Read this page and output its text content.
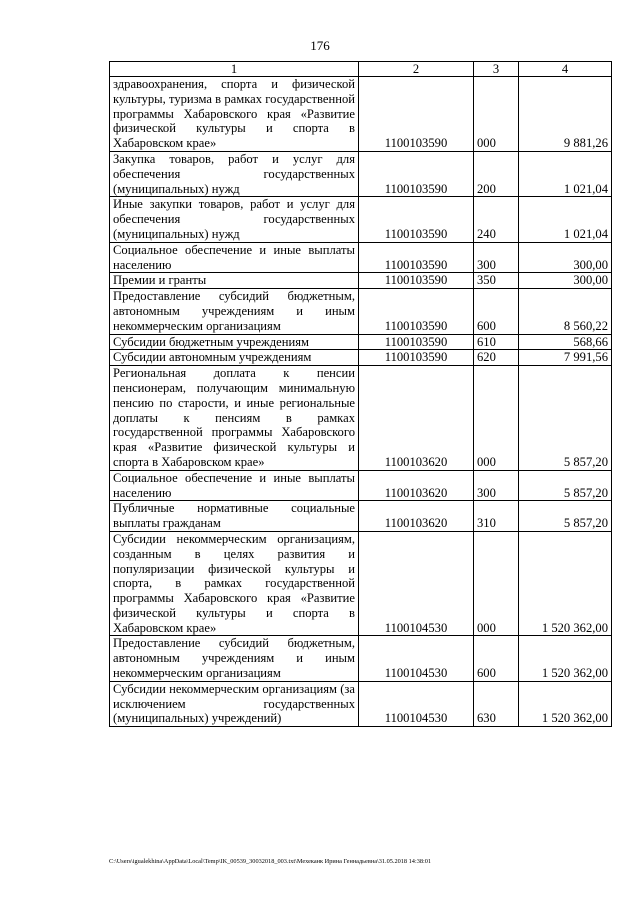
176
1	2	3	4
здравоохранения, спорта и физической культуры, туризма в рамках государственной программы Хабаровского края «Развитие физической культуры и спорта в Хабаровском крае»	1100103590	000	9 881,26
Закупка товаров, работ и услуг для обеспечения государственных (муниципальных) нужд	1100103590	200	1 021,04
Иные закупки товаров, работ и услуг для обеспечения государственных (муниципальных) нужд	1100103590	240	1 021,04
Социальное обеспечение и иные выплаты населению	1100103590	300	300,00
Премии и гранты	1100103590	350	300,00
Предоставление субсидий бюджетным, автономным учреждениям и иным некоммерческим организациям	1100103590	600	8 560,22
Субсидии бюджетным учреждениям	1100103590	610	568,66
Субсидии автономным учреждениям	1100103590	620	7 991,56
Региональная доплата к пенсии пенсионерам, получающим минимальную пенсию по старости, и иные региональные доплаты к пенсиям в рамках государственной программы Хабаровского края «Развитие физической культуры и спорта в Хабаровском крае»	1100103620	000	5 857,20
Социальное обеспечение и иные выплаты населению	1100103620	300	5 857,20
Публичные нормативные социальные выплаты гражданам	1100103620	310	5 857,20
Субсидии некоммерческим организациям, созданным в целях развития и популяризации физической культуры и спорта, в рамках государственной программы Хабаровского края «Развитие физической культуры и спорта в Хабаровском крае»	1100104530	000	1 520 362,00
Предоставление субсидий бюджетным, автономным учреждениям и иным некоммерческим организациям	1100104530	600	1 520 362,00
Субсидии некоммерческим организациям (за исключением государственных (муниципальных) учреждений)	1100104530	630	1 520 362,00
C:\Users\igualekhina\AppData\Local\Temp\IK_00539_30032018_003.txt\Мехеканк Ирина Геннадьевна\31.05.2018 14:38:01
